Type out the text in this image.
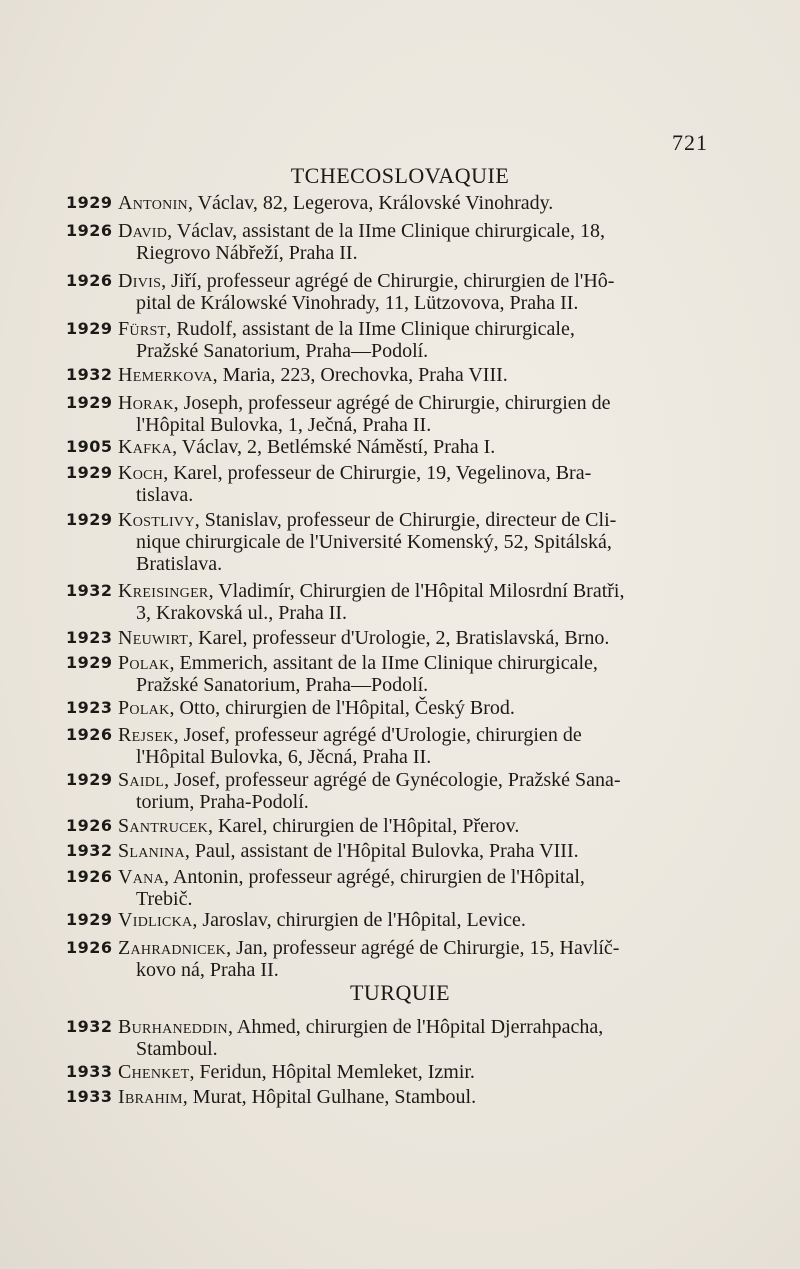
721
TCHECOSLOVAQUIE
1929 Antonin, Václav, 82, Legerova, Královské Vinohrady.
1926 David, Václav, assistant de la IIme Clinique chirurgicale, 18,
Riegrovo Nábřeží, Praha II.
1926 Divis, Jiří, professeur agrégé de Chirurgie, chirurgien de l'Hô-
pital de Králowské Vinohrady, 11, Lützovova, Praha II.
1929 Fürst, Rudolf, assistant de la IIme Clinique chirurgicale,
Pražské Sanatorium, Praha—Podolí.
1932 Hemerkova, Maria, 223, Orechovka, Praha VIII.
1929 Horak, Joseph, professeur agrégé de Chirurgie, chirurgien de
l'Hôpital Bulovka, 1, Ječná, Praha II.
1905 Kafka, Václav, 2, Betlémské Náměstí, Praha I.
1929 Koch, Karel, professeur de Chirurgie, 19, Vegelinova, Bra-
tislava.
1929 Kostlivy, Stanislav, professeur de Chirurgie, directeur de Cli-
nique chirurgicale de l'Université Komenský, 52, Spitálská,
Bratislava.
1932 Kreisinger, Vladimír, Chirurgien de l'Hôpital Milosrdní Bratři,
3, Krakovská ul., Praha II.
1923 Neuwirt, Karel, professeur d'Urologie, 2, Bratislavská, Brno.
1929 Polak, Emmerich, assitant de la IIme Clinique chirurgicale,
Pražské Sanatorium, Praha—Podolí.
1923 Polak, Otto, chirurgien de l'Hôpital, Český Brod.
1926 Rejsek, Josef, professeur agrégé d'Urologie, chirurgien de
l'Hôpital Bulovka, 6, Jěcná, Praha II.
1929 Saidl, Josef, professeur agrégé de Gynécologie, Pražské Sana-
torium, Praha-Podolí.
1926 Santrucek, Karel, chirurgien de l'Hôpital, Přerov.
1932 Slanina, Paul, assistant de l'Hôpital Bulovka, Praha VIII.
1926 Vana, Antonin, professeur agrégé, chirurgien de l'Hôpital,
Trebič.
1929 Vidlicka, Jaroslav, chirurgien de l'Hôpital, Levice.
1926 Zahradnicek, Jan, professeur agrégé de Chirurgie, 15, Havlíč-
kovo ná, Praha II.
TURQUIE
1932 Burhaneddin, Ahmed, chirurgien de l'Hôpital Djerrahpacha,
Stamboul.
1933 Chenket, Feridun, Hôpital Memleket, Izmir.
1933 Ibrahim, Murat, Hôpital Gulhane, Stamboul.
